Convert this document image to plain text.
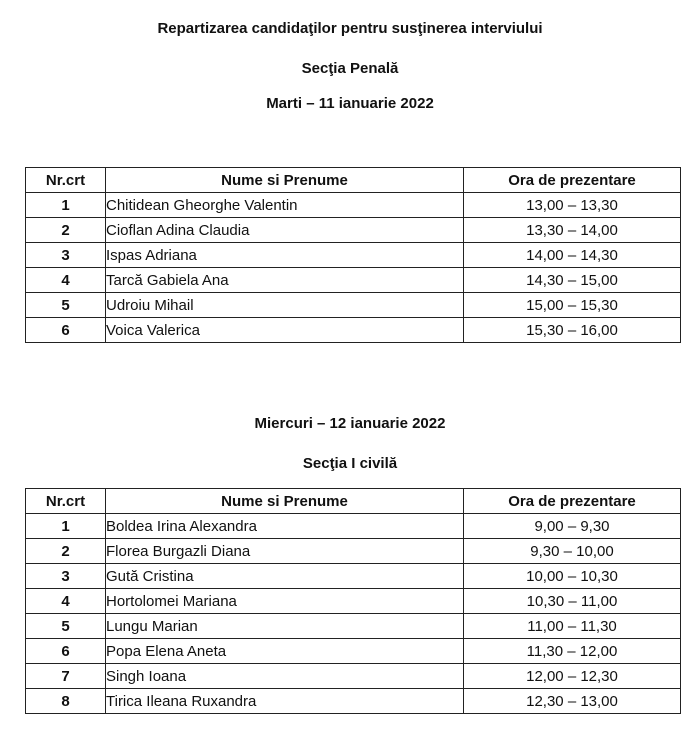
Repartizarea candidaţilor pentru susţinerea interviului
Secţia Penală
Marti – 11 ianuarie 2022
Nr.crt	Nume si Prenume	Ora de prezentare
1	Chitidean Gheorghe Valentin	13,00 – 13,30
2	Cioflan Adina Claudia	13,30 – 14,00
3	Ispas Adriana	14,00 – 14,30
4	Tarcă Gabiela Ana	14,30 – 15,00
5	Udroiu Mihail	15,00 – 15,30
6	Voica Valerica	15,30 – 16,00
Miercuri – 12 ianuarie 2022
Secţia I civilă
Nr.crt	Nume si Prenume	Ora de prezentare
1	Boldea Irina Alexandra	9,00 – 9,30
2	Florea Burgazli Diana	9,30 – 10,00
3	Gută Cristina	10,00 – 10,30
4	Hortolomei Mariana	10,30 – 11,00
5	Lungu Marian	11,00 – 11,30
6	Popa Elena Aneta	11,30 – 12,00
7	Singh Ioana	12,00 – 12,30
8	Tirica Ileana Ruxandra	12,30 – 13,00
